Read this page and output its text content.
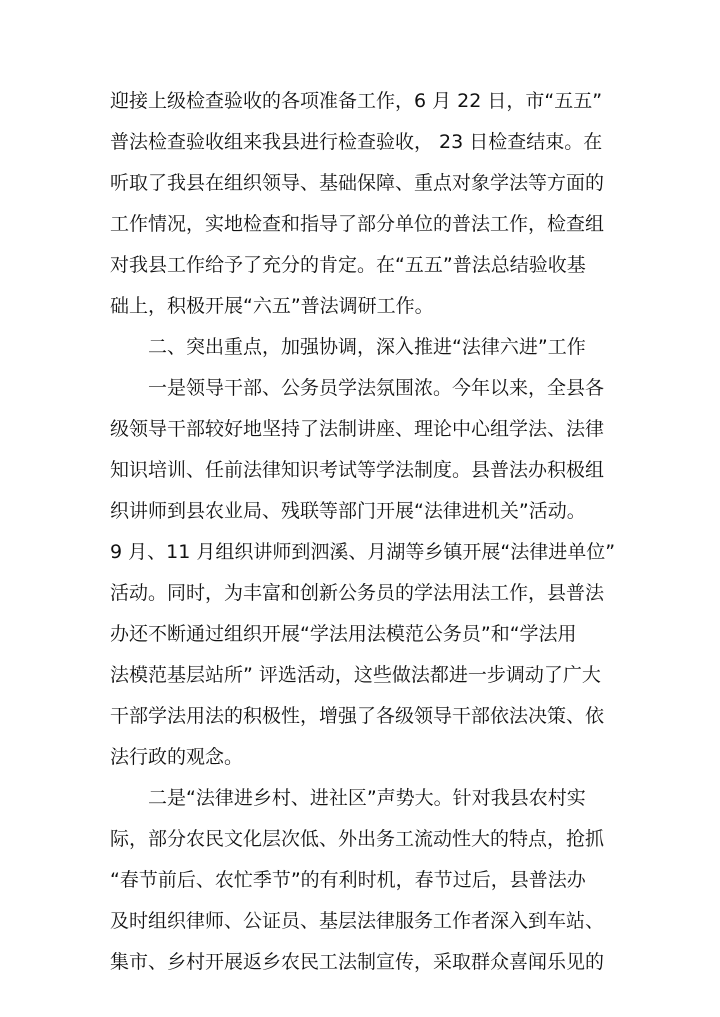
迎接上级检查验收的各项准备工作，6 月 22 日，市“五五”
普法检查验收组来我县进行检查验收， 23 日检查结束。在
听取了我县在组织领导、基础保障、重点对象学法等方面的
工作情况，实地检查和指导了部分单位的普法工作，检查组
对我县工作给予了充分的肯定。在“五五”普法总结验收基
础上，积极开展“六五”普法调研工作。
二、突出重点，加强协调，深入推进“法律六进”工作
一是领导干部、公务员学法氛围浓。今年以来，全县各
级领导干部较好地坚持了法制讲座、理论中心组学法、法律
知识培训、任前法律知识考试等学法制度。县普法办积极组
织讲师到县农业局、残联等部门开展“法律进机关”活动。
9 月、11 月组织讲师到泗溪、月湖等乡镇开展“法律进单位”
活动。同时，为丰富和创新公务员的学法用法工作，县普法
办还不断通过组织开展“学法用法模范公务员”和“学法用
法模范基层站所” 评选活动，这些做法都进一步调动了广大
干部学法用法的积极性，增强了各级领导干部依法决策、依
法行政的观念。
二是“法律进乡村、进社区”声势大。针对我县农村实
际，部分农民文化层次低、外出务工流动性大的特点，抢抓
“春节前后、农忙季节”的有利时机，春节过后，县普法办
及时组织律师、公证员、基层法律服务工作者深入到车站、
集市、乡村开展返乡农民工法制宣传，采取群众喜闻乐见的
